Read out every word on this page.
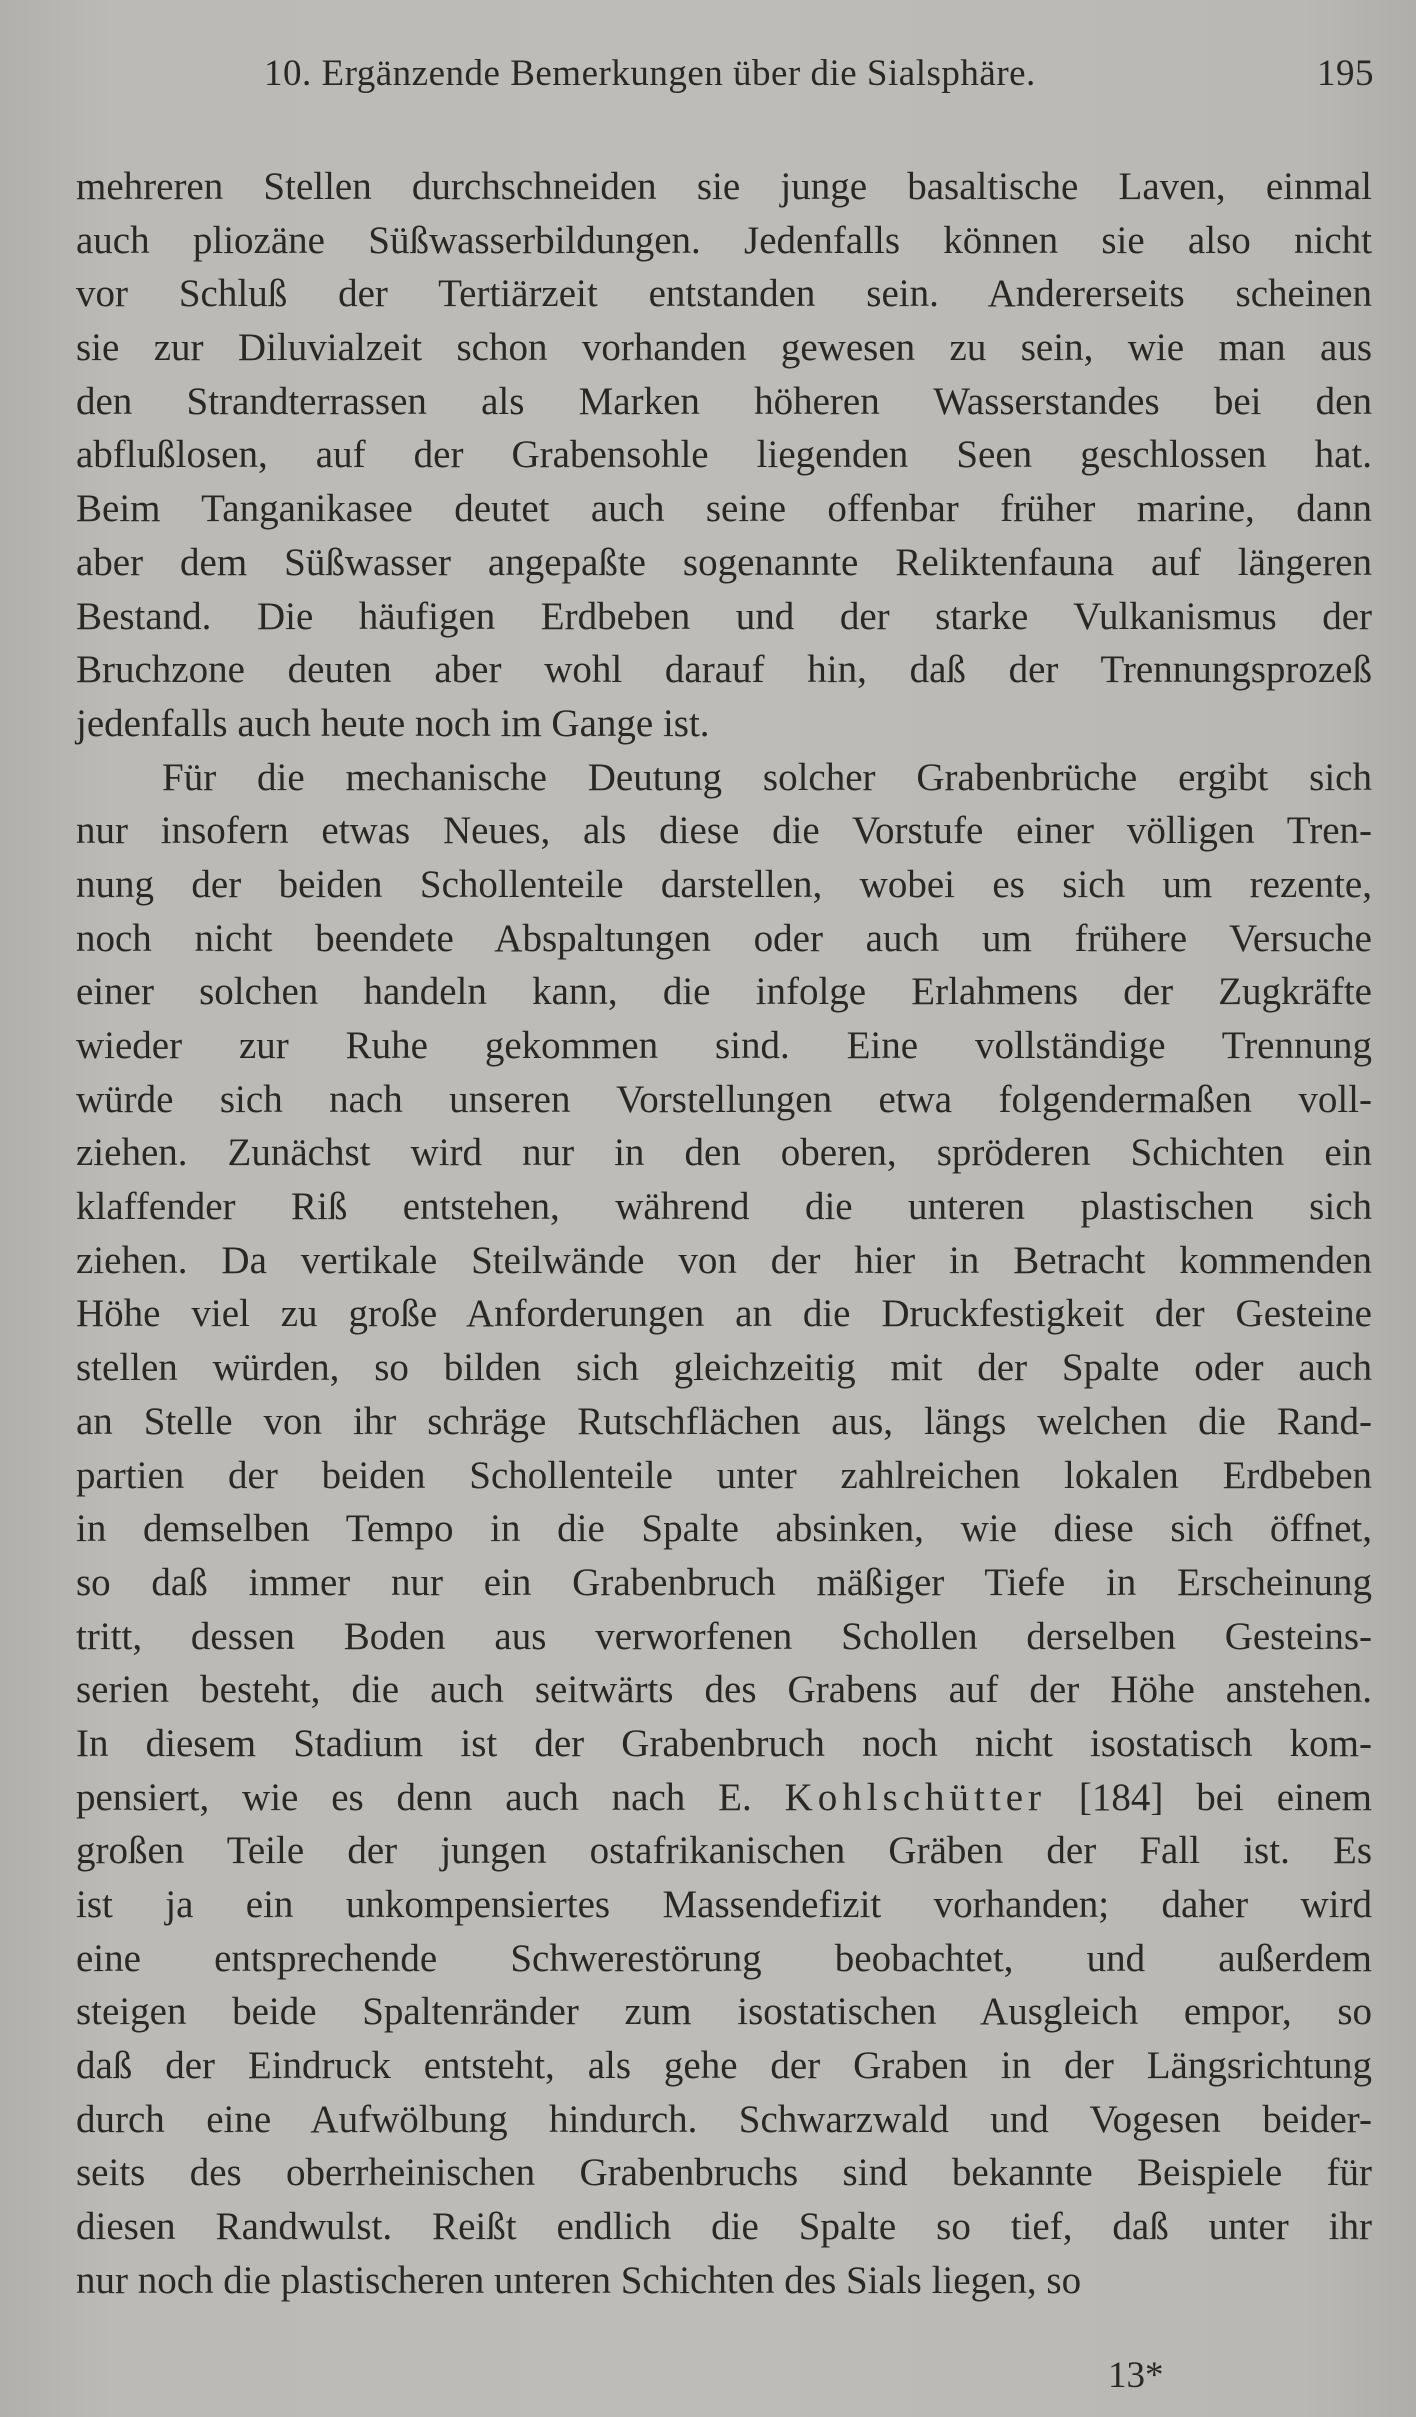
10. Ergänzende Bemerkungen über die Sialsphäre.	195
mehreren Stellen durchschneiden sie junge basaltische Laven, einmal
auch pliozäne Süßwasserbildungen. Jedenfalls können sie also nicht
vor Schluß der Tertiärzeit entstanden sein. Andererseits scheinen
sie zur Diluvialzeit schon vorhanden gewesen zu sein, wie man aus
den Strandterrassen als Marken höheren Wasserstandes bei den
abflußlosen, auf der Grabensohle liegenden Seen geschlossen hat.
Beim Tanganikasee deutet auch seine offenbar früher marine, dann
aber dem Süßwasser angepaßte sogenannte Reliktenfauna auf längeren
Bestand. Die häufigen Erdbeben und der starke Vulkanismus der
Bruchzone deuten aber wohl darauf hin, daß der Trennungsprozeß
jedenfalls auch heute noch im Gange ist.
Für die mechanische Deutung solcher Grabenbrüche ergibt sich
nur insofern etwas Neues, als diese die Vorstufe einer völligen Tren-
nung der beiden Schollenteile darstellen, wobei es sich um rezente,
noch nicht beendete Abspaltungen oder auch um frühere Versuche
einer solchen handeln kann, die infolge Erlahmens der Zugkräfte
wieder zur Ruhe gekommen sind. Eine vollständige Trennung
würde sich nach unseren Vorstellungen etwa folgendermaßen voll-
ziehen. Zunächst wird nur in den oberen, spröderen Schichten ein
klaffender Riß entstehen, während die unteren plastischen sich
ziehen. Da vertikale Steilwände von der hier in Betracht kommenden
Höhe viel zu große Anforderungen an die Druckfestigkeit der Gesteine
stellen würden, so bilden sich gleichzeitig mit der Spalte oder auch
an Stelle von ihr schräge Rutschflächen aus, längs welchen die Rand-
partien der beiden Schollenteile unter zahlreichen lokalen Erdbeben
in demselben Tempo in die Spalte absinken, wie diese sich öffnet,
so daß immer nur ein Grabenbruch mäßiger Tiefe in Erscheinung
tritt, dessen Boden aus verworfenen Schollen derselben Gesteins-
serien besteht, die auch seitwärts des Grabens auf der Höhe anstehen.
In diesem Stadium ist der Grabenbruch noch nicht isostatisch kom-
pensiert, wie es denn auch nach E. Kohlschütter [184] bei einem
großen Teile der jungen ostafrikanischen Gräben der Fall ist. Es
ist ja ein unkompensiertes Massendefizit vorhanden; daher wird
eine entsprechende Schwerestörung beobachtet, und außerdem
steigen beide Spaltenränder zum isostatischen Ausgleich empor, so
daß der Eindruck entsteht, als gehe der Graben in der Längsrichtung
durch eine Aufwölbung hindurch. Schwarzwald und Vogesen beider-
seits des oberrheinischen Grabenbruchs sind bekannte Beispiele für
diesen Randwulst. Reißt endlich die Spalte so tief, daß unter ihr
nur noch die plastischeren unteren Schichten des Sials liegen, so
13*
